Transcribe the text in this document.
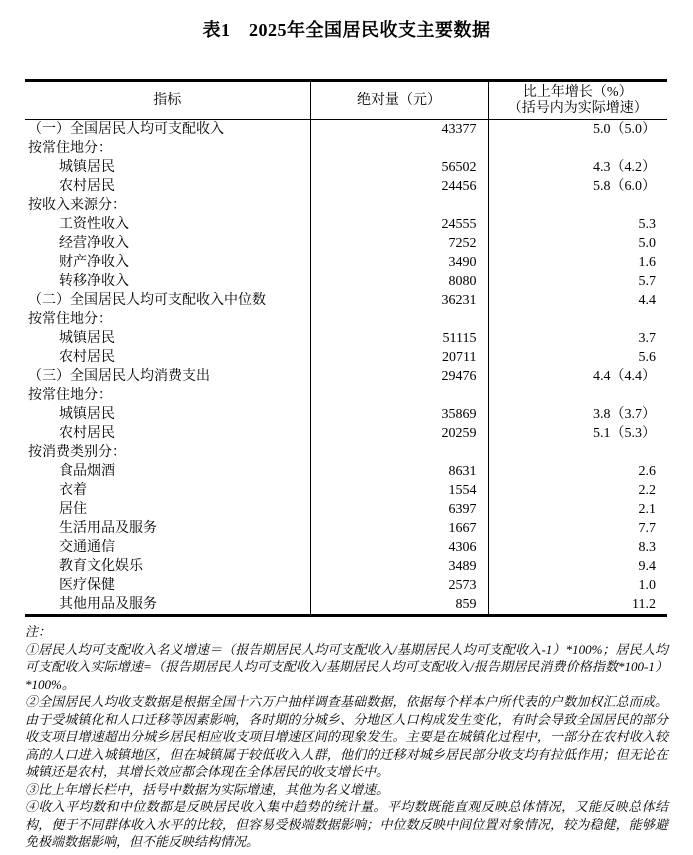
表1　2025年全国居民收支主要数据
指标	绝对量（元）	比上年增长（%）
（括号内为实际增速）

（一）全国居民人均可支配收入	43377	5.0（5.0）
按常住地分：		
城镇居民	56502	4.3（4.2）
农村居民	24456	5.8（6.0）
按收入来源分：		
工资性收入	24555	5.3
经营净收入	7252	5.0
财产净收入	3490	1.6
转移净收入	8080	5.7
（二）全国居民人均可支配收入中位数	36231	4.4
按常住地分：		
城镇居民	51115	3.7
农村居民	20711	5.6
（三）全国居民人均消费支出	29476	4.4（4.4）
按常住地分：		
城镇居民	35869	3.8（3.7）
农村居民	20259	5.1（5.3）
按消费类别分：		
食品烟酒	8631	2.6
衣着	1554	2.2
居住	6397	2.1
生活用品及服务	1667	7.7
交通通信	4306	8.3
教育文化娱乐	3489	9.4
医疗保健	2573	1.0
其他用品及服务	859	11.2
注：

①居民人均可支配收入名义增速＝（报告期居民人均可支配收入/基期居民人均可支配收入-1）*100%；居民人均可支配收入实际增速=（报告期居民人均可支配收入/基期居民人均可支配收入/报告期居民消费价格指数*100-1）*100%。

②全国居民人均收支数据是根据全国十六万户抽样调查基础数据，依据每个样本户所代表的户数加权汇总而成。由于受城镇化和人口迁移等因素影响，各时期的分城乡、分地区人口构成发生变化，有时会导致全国居民的部分收支项目增速超出分城乡居民相应收支项目增速区间的现象发生。主要是在城镇化过程中，一部分在农村收入较高的人口进入城镇地区，但在城镇属于较低收入人群，他们的迁移对城乡居民部分收支均有拉低作用；但无论在城镇还是农村，其增长效应都会体现在全体居民的收支增长中。

③比上年增长栏中，括号中数据为实际增速，其他为名义增速。

④收入平均数和中位数都是反映居民收入集中趋势的统计量。平均数既能直观反映总体情况，又能反映总体结构，便于不同群体收入水平的比较，但容易受极端数据影响；中位数反映中间位置对象情况，较为稳健，能够避免极端数据影响，但不能反映结构情况。
